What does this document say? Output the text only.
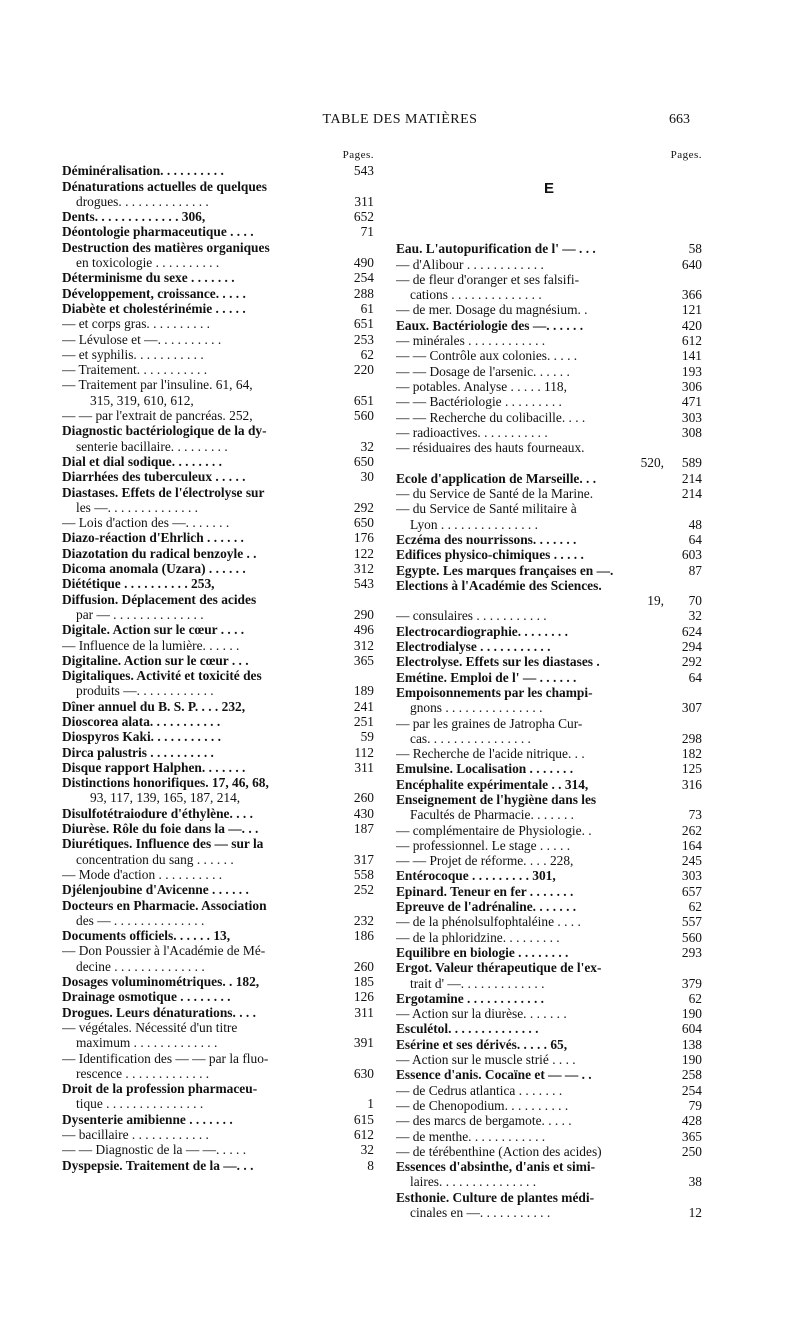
TABLE DES MATIÈRES	663
Pages.
Déminéralisation. . . . . . . . . .	543
Dénaturations actuelles de quelques
drogues. . . . . . . . . . . . . .	311
Dents. . . . . . . . . . . . . 306,	652
Déontologie pharmaceutique . . . .	71
Destruction des matières organiques
en toxicologie . . . . . . . . . .	490
Déterminisme du sexe . . . . . . .	254
Développement, croissance. . . . .	288
Diabète et cholestérinémie . . . . .	61
— et corps gras. . . . . . . . . .	651
— Lévulose et —. . . . . . . . . .	253
— et syphilis. . . . . . . . . . .	62
— Traitement. . . . . . . . . . .	220
— Traitement par l'insuline. 61, 64,
315, 319, 610, 612,	651
— — par l'extrait de pancréas. 252,	560
Diagnostic bactériologique de la dy-
senterie bacillaire. . . . . . . . .	32
Dial et dial sodique. . . . . . . .	650
Diarrhées des tuberculeux . . . . .	30
Diastases. Effets de l'électrolyse sur
les —. . . . . . . . . . . . . .	292
— Lois d'action des —. . . . . . .	650
Diazo-réaction d'Ehrlich . . . . . .	176
Diazotation du radical benzoyle . .	122
Dicoma anomala (Uzara) . . . . . .	312
Diététique . . . . . . . . . . 253,	543
Diffusion. Déplacement des acides
par — . . . . . . . . . . . . . .	290
Digitale. Action sur le cœur . . . .	496
— Influence de la lumière. . . . . .	312
Digitaline. Action sur le cœur . . .	365
Digitaliques. Activité et toxicité des
produits —. . . . . . . . . . . .	189
Dîner annuel du B. S. P. . . . 232,	241
Dioscorea alata. . . . . . . . . . .	251
Diospyros Kaki. . . . . . . . . . .	59
Dirca palustris . . . . . . . . . .	112
Disque rapport Halphen. . . . . . .	311
Distinctions honorifiques. 17, 46, 68,
93, 117, 139, 165, 187, 214,	260
Disulfotétraiodure d'éthylène. . . .	430
Diurèse. Rôle du foie dans la —. . .	187
Diurétiques. Influence des — sur la
concentration du sang . . . . . .	317
— Mode d'action . . . . . . . . . .	558
Djélenjoubine d'Avicenne . . . . . .	252
Docteurs en Pharmacie. Association
des — . . . . . . . . . . . . . .	232
Documents officiels. . . . . . 13,	186
— Don Poussier à l'Académie de Mé-
decine . . . . . . . . . . . . . .	260
Dosages voluminométriques. . 182,	185
Drainage osmotique . . . . . . . .	126
Drogues. Leurs dénaturations. . . .	311
— végétales. Nécessité d'un titre
maximum . . . . . . . . . . . . .	391
— Identification des — — par la fluo-
rescence . . . . . . . . . . . . .	630
Droit de la profession pharmaceu-
tique . . . . . . . . . . . . . . .	1
Dysenterie amibienne . . . . . . .	615
— bacillaire . . . . . . . . . . . .	612
— — Diagnostic de la — —. . . . .	32
Dyspepsie. Traitement de la —. . .	8
Pages.
E
Eau. L'autopurification de l' — . . .	58
— d'Alibour . . . . . . . . . . . .	640
— de fleur d'oranger et ses falsifi-
cations . . . . . . . . . . . . . .	366
— de mer. Dosage du magnésium. .	121
Eaux. Bactériologie des —. . . . . .	420
— minérales . . . . . . . . . . . .	612
— — Contrôle aux colonies. . . . .	141
— — Dosage de l'arsenic. . . . . .	193
— potables. Analyse . . . . . 118,	306
— — Bactériologie . . . . . . . . .	471
— — Recherche du colibacille. . . .	303
— radioactives. . . . . . . . . . .	308
— résiduaires des hauts fourneaux.
520,	589
Ecole d'application de Marseille. . .	214
— du Service de Santé de la Marine.	214
— du Service de Santé militaire à
Lyon . . . . . . . . . . . . . . .	48
Eczéma des nourrissons. . . . . . .	64
Edifices physico-chimiques . . . . .	603
Egypte. Les marques françaises en —.	87
Elections à l'Académie des Sciences.
19,	70
— consulaires . . . . . . . . . . .	32
Electrocardiographie. . . . . . . .	624
Electrodialyse . . . . . . . . . . .	294
Electrolyse. Effets sur les diastases .	292
Emétine. Emploi de l' — . . . . . .	64
Empoisonnements par les champi-
gnons . . . . . . . . . . . . . . .	307
— par les graines de Jatropha Cur-
cas. . . . . . . . . . . . . . . .	298
— Recherche de l'acide nitrique. . .	182
Emulsine. Localisation . . . . . . .	125
Encéphalite expérimentale . . 314,	316
Enseignement de l'hygiène dans les
Facultés de Pharmacie. . . . . . .	73
— complémentaire de Physiologie. .	262
— professionnel. Le stage . . . . .	164
— — Projet de réforme. . . . 228,	245
Entérocoque . . . . . . . . . 301,	303
Epinard. Teneur en fer . . . . . . .	657
Epreuve de l'adrénaline. . . . . . .	62
— de la phénolsulfophtaléine . . . .	557
— de la phloridzine. . . . . . . . .	560
Equilibre en biologie . . . . . . . .	293
Ergot. Valeur thérapeutique de l'ex-
trait d' —. . . . . . . . . . . . .	379
Ergotamine . . . . . . . . . . . .	62
— Action sur la diurèse. . . . . . .	190
Esculétol. . . . . . . . . . . . . .	604
Esérine et ses dérivés. . . . . 65,	138
— Action sur le muscle strié . . . .	190
Essence d'anis. Cocaïne et — — . .	258
— de Cedrus atlantica . . . . . . .	254
— de Chenopodium. . . . . . . . . .	79
— des marcs de bergamote. . . . .	428
— de menthe. . . . . . . . . . . .	365
— de térébenthine (Action des acides)	250
Essences d'absinthe, d'anis et simi-
laires. . . . . . . . . . . . . . .	38
Esthonie. Culture de plantes médi-
cinales en —. . . . . . . . . . .	12
